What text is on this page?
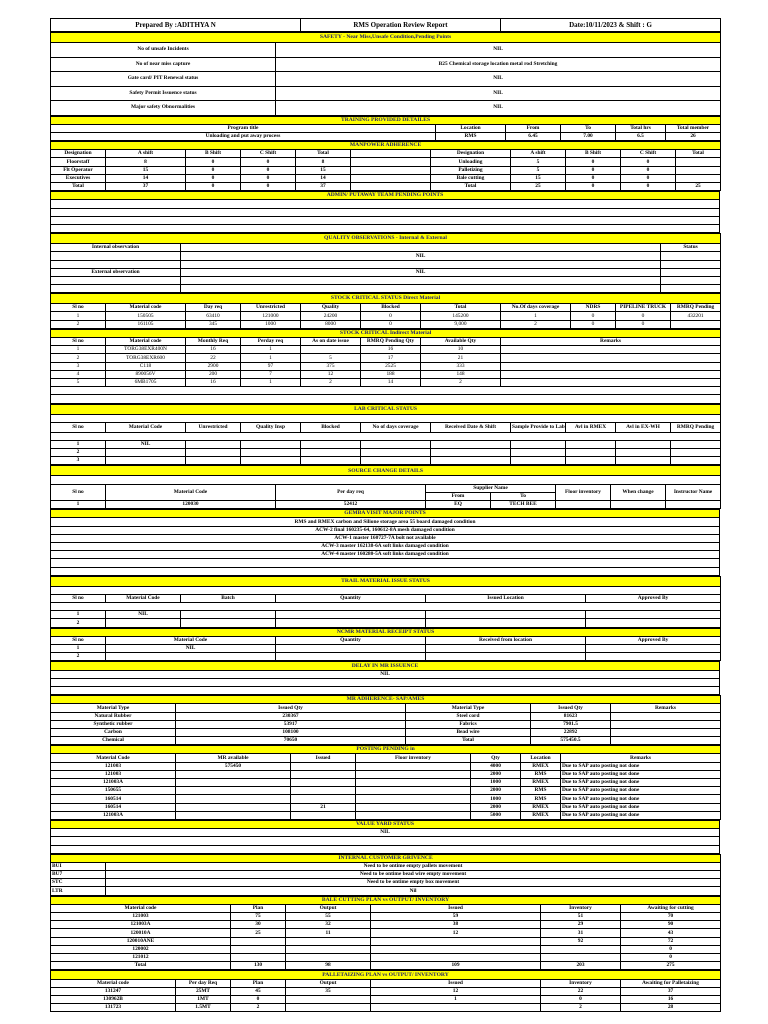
Prepared By :ADITHYA N	RMS Operation Review Report	Date:10/11/2023 & Shift : G
SAFETY - Near Miss,Unsafe Condition,Pending Points	
No of unsafe Incidents	NIL
No of near miss capture	B25 Chemical storage location metal rod Stretching
Gate card/ PIT Renewal status	NIL
Safety Permit Issuence status	NIL
Major safety Obnormalities	NIL
TRAINING PROVIDED DETAILES					
Program title	Location	From	To	Total hrs	Total member
Unloading and put away process	RMS	6.45	7.00	6.5	26
MANPOWER ADHERENCE										
Designation	A shift	B Shift	C Shift	Total		Designation	A shift	B Shift	C Shift	Total
Floorstaff	8	0	0	8		Unloading	5	0	0	
Flt Operator	15	0	0	15		Palletizing	5	0	0	
Executives	14	0	0	14		Bale cutting	15	0	0	
Total	37	0	0	37		Total	25	0	0	25
ADMIN/ PUTAWAY TEAM PENDING POINTS

QUALITY OBSERVATIONS - Internal & External		
Internal observation		Status
	NIL	

External observation	NIL	

STOCK CRITICAL STATUS Direct Material										
Sl no	Material code	Day req	Unrestricted	Quality	Blocked	Total	No.Of days coverage	NDRS	PIPELINE TRUCK	RMRQ Pending
1	150505	63410	121000	24200	0	145200	1	0	0	432201
2	161105	345	1000	8000	0	9,000	2	0	0	
STOCK CRITICAL Indirect Material							
Sl no	Material code	Monthly Req	Perday req	As on date issue	RMRQ Pending Qty	Available Qty	Remarks
1	TORG38EXR400N	16	1		16	10	
2	TORG38EXR600	22	1	5	17	21	
3	C118	2900	97	375	2525	333	
4	890056V	200	7	12	188	148	
5	6MB1705	16	1	2	14	2	

LAB CRITICAL STATUS										

Sl no	Material Code	Unrestricted	Quality Insp	Blocked	No of days coverage	Received Date & Shift	Sample Provide to Lab	Avl in RMEX	Avl in EX-WH	RMRQ Pending

1	NIL									
2										
3										
SOURCE CHANGE DETAILS							

Sl no	Material Code	Per day req	Supplier Name		Floor inventory	When change	Instructor Name
			From	To			
1	120030	52412	EQ	TECH BEE			
GEMBA VISIT MAJOR POINTS
RMS and RMEX carbon and Silione storage area 55 board damaged condition
ACW-2 final 160235-64, 160612-8A mesh damaged condition
ACW-1 master 160727-7A bolt not available
ACW-3 master 162138-6A soft links damaged condition
ACW-4 master 160280-5A soft links damaged condition

TRAIL MATERIAL ISSUE STATUS					

Sl no	Material Code	Batch	Quantity	Issued Location	Approved By

1	NIL				
2					
NCMR MATERIAL RECEIPT STATUS				
Sl no	Material Code	Quantity	Received from location	Approved By
1	NIL			
2				
DELAY IN MR ISSUENCE
NIL

MR ADHERENCE- SAP/AMES				
Material Type	Issued Qty	Material Type	Issued Qty	Remarks
Natural Rubber	230367	Steel cord	81623	
Synthetic rubber	53917	Fabrics	7901.5	
Carbon	108100	Bead wire	22892	
Chemical	70650	Total	575450.5	
POSTING PENDING in						
Material Code	MR available	Issued	Floor inventory	Qty	Location	Remarks
121003	575450			4000	RMEX	Due to SAP auto posting not done
121003				2000	RMS	Due to SAP auto posting not done
121003A				1000	RMEX	Due to SAP auto posting not done
150655				2000	RMS	Due to SAP auto posting not done
160514				1000	RMS	Due to SAP auto posting not done
160514		21		2000	RMEX	Due to SAP auto posting not done
121003A				5000	RMEX	Due to SAP auto posting not done
VALUE YARD STATUS
NIL

INTERNAL CUSTOMER GRIVENCE	
BUI	Need to be ontime empty pallets movement
BU7	Need to be ontime bead wire empty movement
STC	Need to be ontime empty box movement
LTR	Nil
BALE CUTTING PLAN vs OUTPUT/ INVENTORY					
Material code	Plan	Output	Issued	Inventory	Awaiting for cutting
121003	75	55	59	51	70
121003A	30	32	38	29	90
120010A	25	11	12	31	43
120010ANE				92	72
120002					0
121012					0
Total	130	98	109	203	275
PALLETAIZING PLAN vs OUTPUT/ INVENTORY						
Material code	Per day Req	Plan	Output	Issued	Inventory	Awaiting for Palletaizing
131247	25MT	45	35	12	22	37
130962B	1MT	0		1	0	16
131723	1.5MT	2			2	28
